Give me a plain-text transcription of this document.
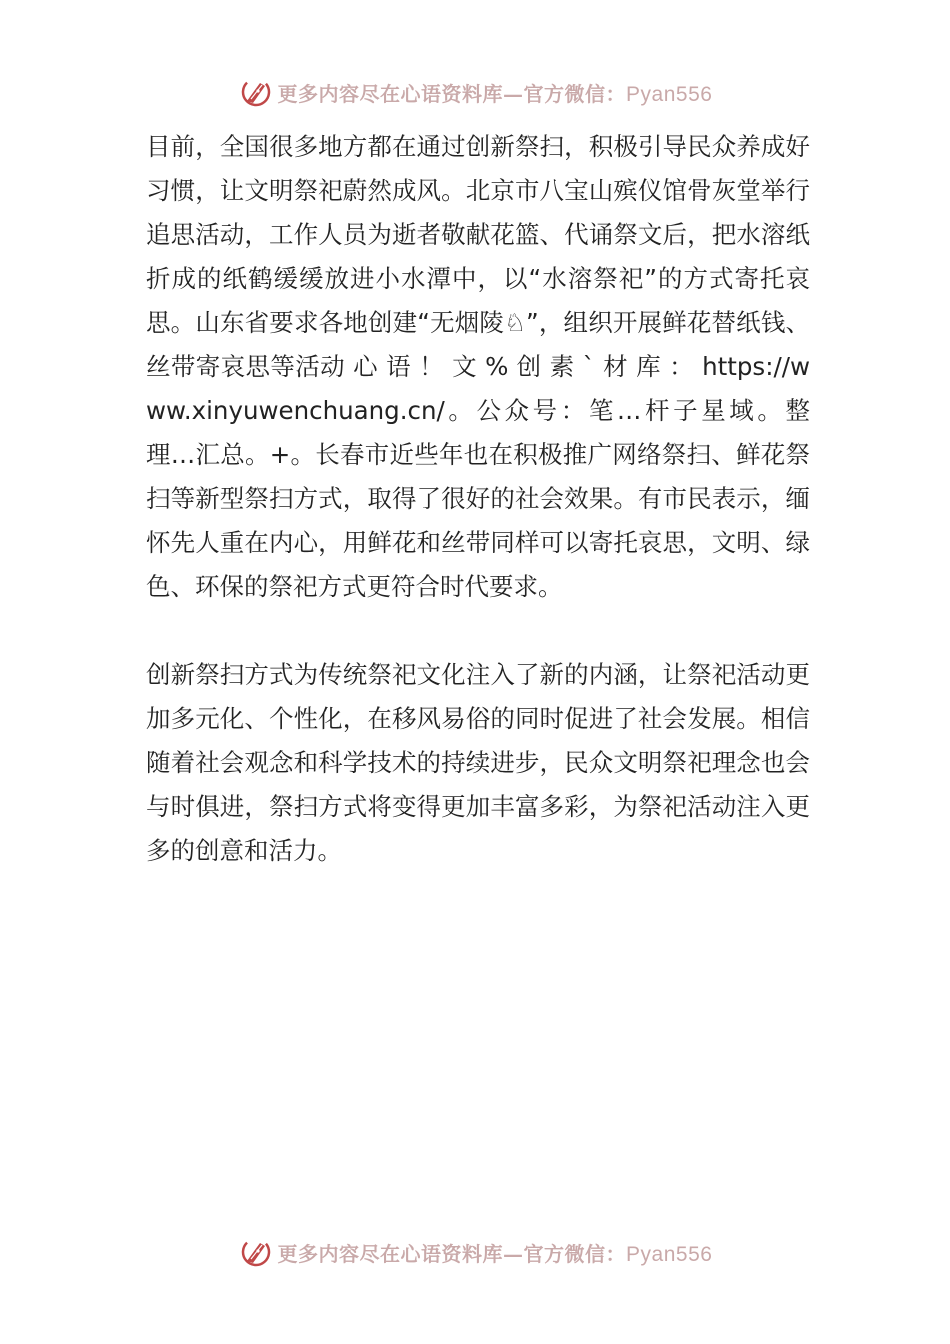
更多内容尽在心语资料库—官方微信：Pyan556

目前，全国很多地方都在通过创新祭扫，积极引导民众养成好习惯，让文明祭祀蔚然成风。北京市八宝山殡仪馆骨灰堂举行追思活动，工作人员为逝者敬献花篮、代诵祭文后，把水溶纸折成的纸鹤缓缓放进小水潭中，以“水溶祭祀”的方式寄托哀思。山东省要求各地创建“无烟陵♘”，组织开展鲜花替纸钱、丝带寄哀思等活动 心 语 ！ 文 % 创 素 ` 材 库 ： https://www.xinyuwenchuang.cn/。公众号：笔…杆子星域。整理…汇总。+。长春市近些年也在积极推广网络祭扫、鲜花祭扫等新型祭扫方式，取得了很好的社会效果。有市民表示，缅怀先人重在内心，用鲜花和丝带同样可以寄托哀思，文明、绿色、环保的祭祀方式更符合时代要求。

创新祭扫方式为传统祭祀文化注入了新的内涵，让祭祀活动更加多元化、个性化，在移风易俗的同时促进了社会发展。相信随着社会观念和科学技术的持续进步，民众文明祭祀理念也会与时俱进，祭扫方式将变得更加丰富多彩，为祭祀活动注入更多的创意和活力。

更多内容尽在心语资料库—官方微信：Pyan556
